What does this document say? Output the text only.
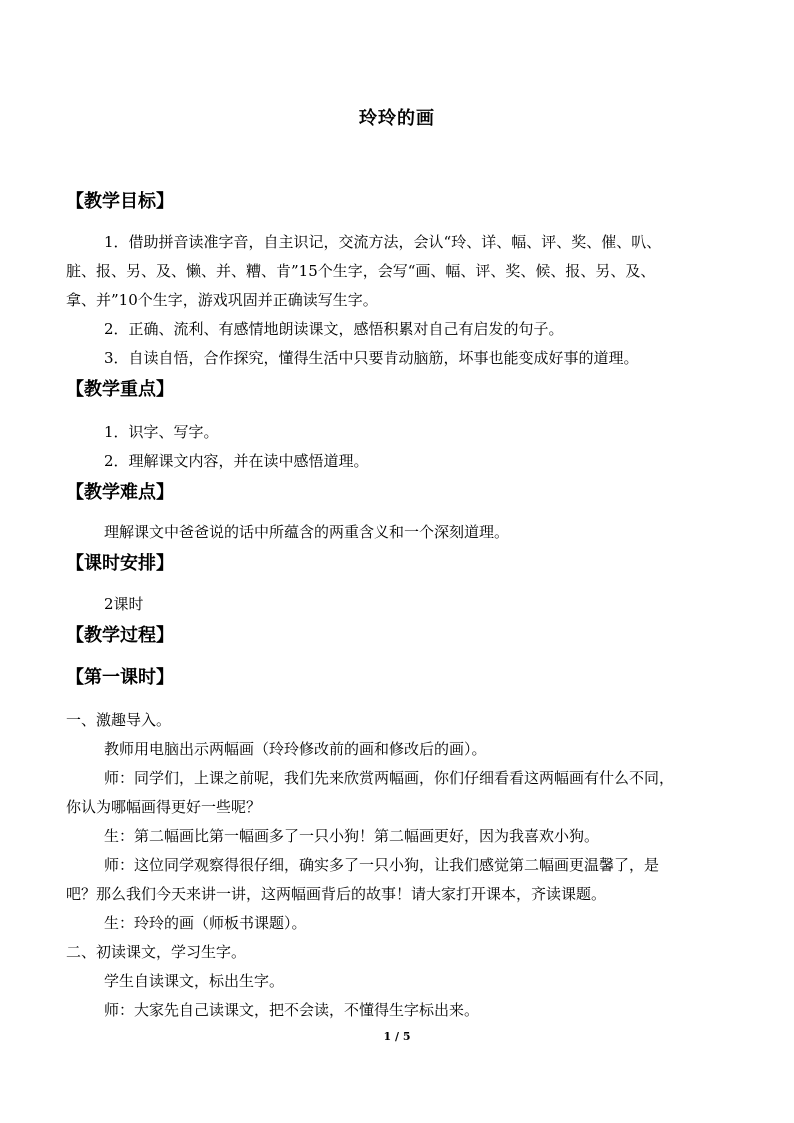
玲玲的画
【教学目标】
1．借助拼音读准字音，自主识记，交流方法，会认“玲、详、幅、评、奖、催、叭、
脏、报、另、及、懒、并、糟、肯”15个生字，会写“画、幅、评、奖、候、报、另、及、
拿、并”10个生字，游戏巩固并正确读写生字。
2．正确、流利、有感情地朗读课文，感悟积累对自己有启发的句子。
3．自读自悟，合作探究，懂得生活中只要肯动脑筋，坏事也能变成好事的道理。
【教学重点】
1．识字、写字。
2．理解课文内容，并在读中感悟道理。
【教学难点】
理解课文中爸爸说的话中所蕴含的两重含义和一个深刻道理。
【课时安排】
2课时
【教学过程】
【第一课时】
一、激趣导入。
教师用电脑出示两幅画（玲玲修改前的画和修改后的画）。
师：同学们，上课之前呢，我们先来欣赏两幅画，你们仔细看看这两幅画有什么不同，
你认为哪幅画得更好一些呢？
生：第二幅画比第一幅画多了一只小狗！第二幅画更好，因为我喜欢小狗。
师：这位同学观察得很仔细，确实多了一只小狗，让我们感觉第二幅画更温馨了，是
吧？那么我们今天来讲一讲，这两幅画背后的故事！请大家打开课本，齐读课题。
生：玲玲的画（师板书课题）。
二、初读课文，学习生字。
学生自读课文，标出生字。
师：大家先自己读课文，把不会读，不懂得生字标出来。
1 / 5
